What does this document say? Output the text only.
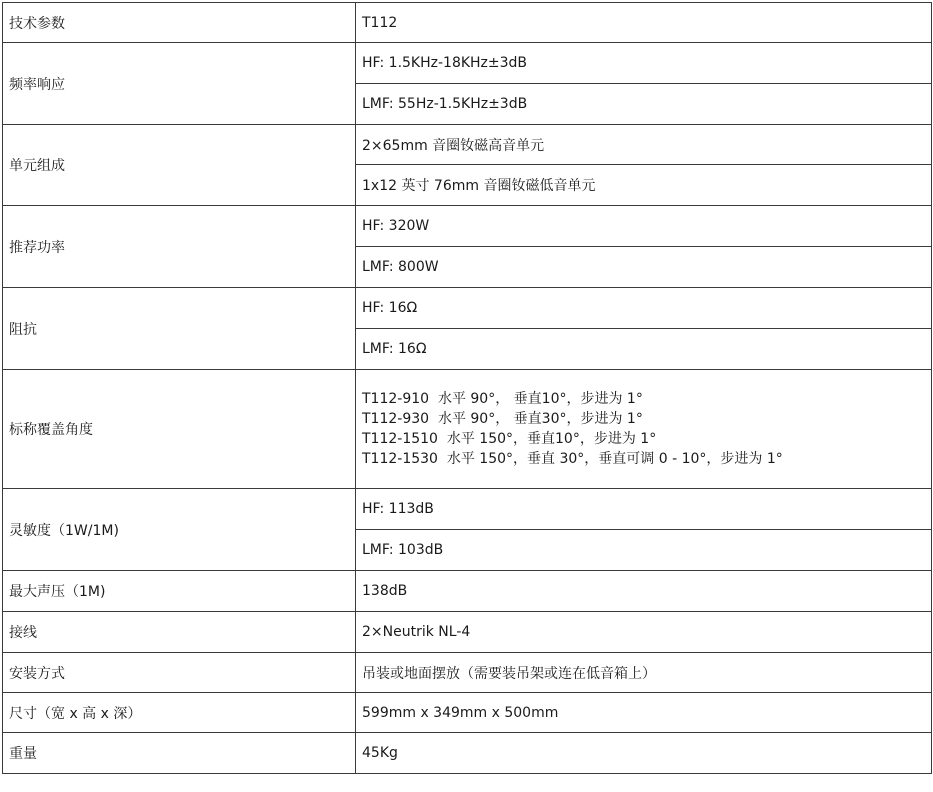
技术参数	T112
频率响应	HF: 1.5KHz-18KHz±3dB
	LMF: 55Hz-1.5KHz±3dB
单元组成	2×65mm 音圈钕磁高音单元
	1x12 英寸 76mm 音圈钕磁低音单元
推荐功率	HF: 320W
	LMF: 800W
阻抗	HF: 16Ω
	LMF: 16Ω
标称覆盖角度	T112-910  水平 90°， 垂直10°，步进为 1°
T112-930  水平 90°， 垂直30°，步进为 1°
T112-1510  水平 150°，垂直10°，步进为 1°
T112-1530  水平 150°，垂直 30°，垂直可调 0 - 10°，步进为 1°

灵敏度（1W/1M)	HF: 113dB
	LMF: 103dB
最大声压（1M)	138dB
接线	2×Neutrik NL-4
安装方式	吊装或地面摆放（需要装吊架或连在低音箱上）
尺寸（宽 x 高 x 深）	599mm x 349mm x 500mm
重量	45Kg
